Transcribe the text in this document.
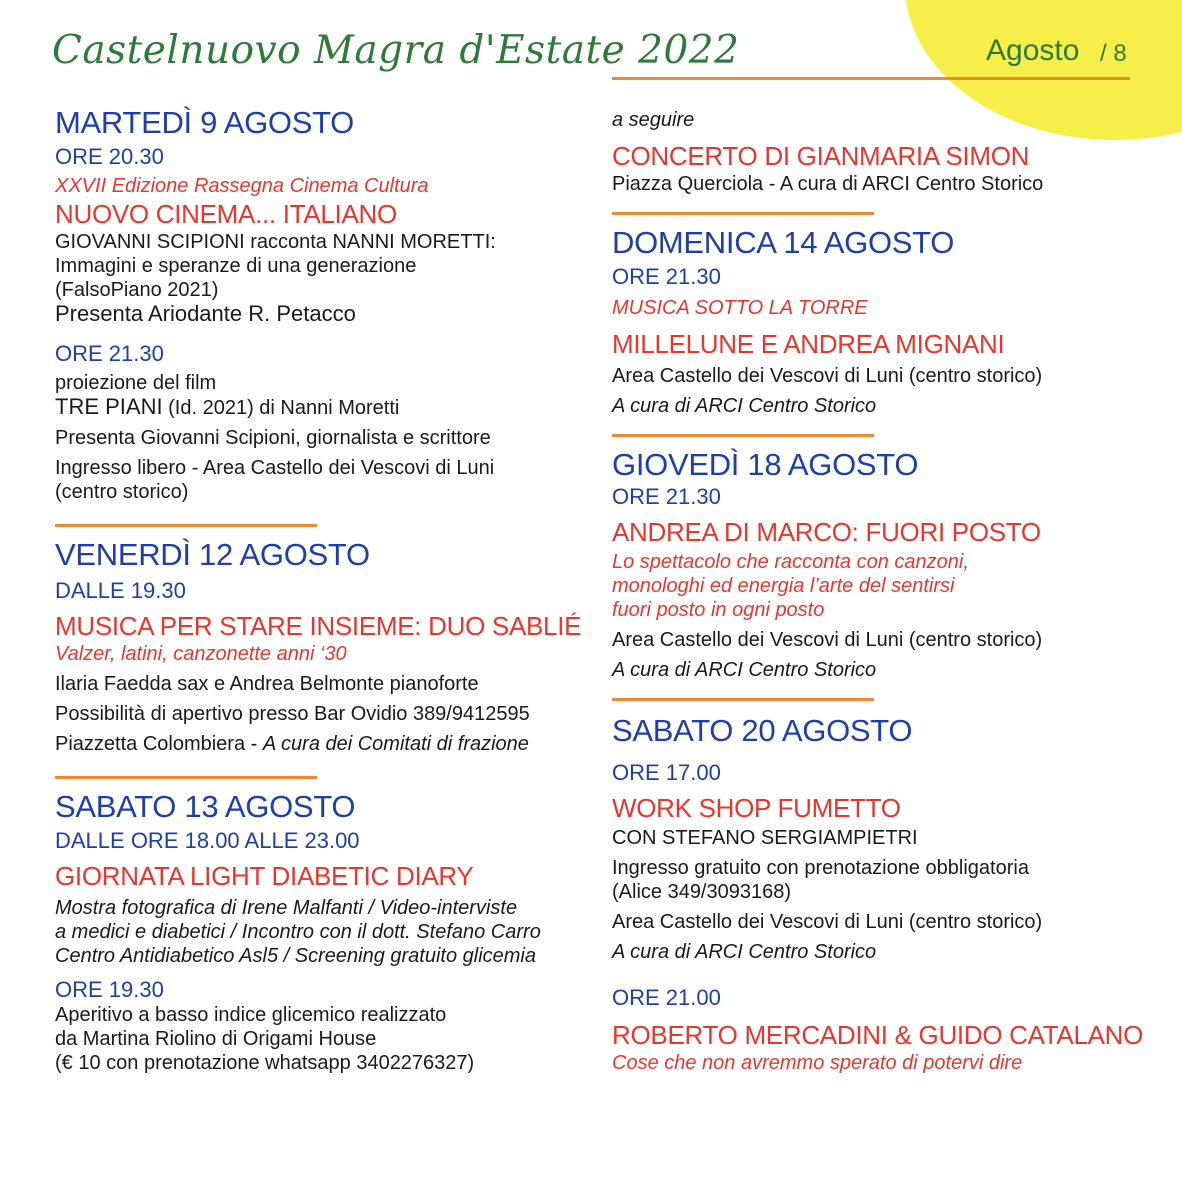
Castelnuovo Magra d'Estate 2022	Agosto / 8
MARTEDÌ 9 AGOSTO
ORE 20.30
XXVII Edizione Rassegna Cinema Cultura
NUOVO CINEMA... ITALIANO
GIOVANNI SCIPIONI racconta NANNI MORETTI:
Immagini e speranze di una generazione
(FalsoPiano 2021)
Presenta Ariodante R. Petacco
ORE 21.30
proiezione del film
TRE PIANI (Id. 2021) di Nanni Moretti
Presenta Giovanni Scipioni, giornalista e scrittore
Ingresso libero - Area Castello dei Vescovi di Luni
(centro storico)
VENERDÌ 12 AGOSTO
DALLE 19.30
MUSICA PER STARE INSIEME: DUO SABLIÉ
Valzer, latini, canzonette anni ‘30
Ilaria Faedda sax e Andrea Belmonte pianoforte
Possibilità di apertivo presso Bar Ovidio 389/9412595
Piazzetta Colombiera - A cura dei Comitati di frazione
SABATO 13 AGOSTO
DALLE ORE 18.00 ALLE 23.00
GIORNATA LIGHT DIABETIC DIARY
Mostra fotografica di Irene Malfanti / Video-interviste
a medici e diabetici / Incontro con il dott. Stefano Carro
Centro Antidiabetico Asl5 / Screening gratuito glicemia
ORE 19.30
Aperitivo a basso indice glicemico realizzato
da Martina Riolino di Origami House
(€ 10 con prenotazione whatsapp 3402276327)
a seguire
CONCERTO DI GIANMARIA SIMON
Piazza Querciola - A cura di ARCI Centro Storico
DOMENICA 14 AGOSTO
ORE 21.30
MUSICA SOTTO LA TORRE
MILLELUNE E ANDREA MIGNANI
Area Castello dei Vescovi di Luni (centro storico)
A cura di ARCI Centro Storico
GIOVEDÌ 18 AGOSTO
ORE 21.30
ANDREA DI MARCO: FUORI POSTO
Lo spettacolo che racconta con canzoni,
monologhi ed energia l’arte del sentirsi
fuori posto in ogni posto
Area Castello dei Vescovi di Luni (centro storico)
A cura di ARCI Centro Storico
SABATO 20 AGOSTO
ORE 17.00
WORK SHOP FUMETTO
CON STEFANO SERGIAMPIETRI
Ingresso gratuito con prenotazione obbligatoria
(Alice 349/3093168)
Area Castello dei Vescovi di Luni (centro storico)
A cura di ARCI Centro Storico
ORE 21.00
ROBERTO MERCADINI & GUIDO CATALANO
Cose che non avremmo sperato di potervi dire
